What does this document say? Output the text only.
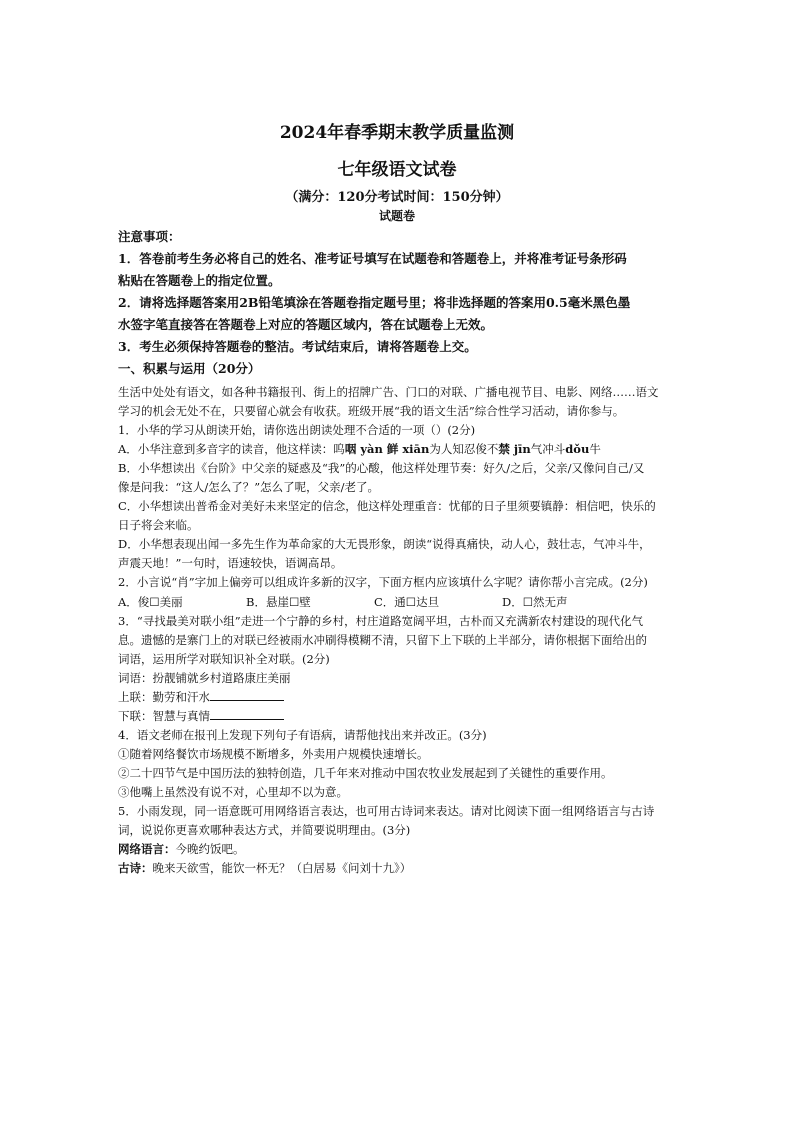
2024年春季期末教学质量监测
七年级语文试卷
（满分：120分考试时间：150分钟）
试题卷
注意事项：
1．答卷前考生务必将自己的姓名、准考证号填写在试题卷和答题卷上，并将准考证号条形码
粘贴在答题卷上的指定位置。
2．请将选择题答案用2B铅笔填涂在答题卷指定题号里；将非选择题的答案用0.5毫米黑色墨
水签字笔直接答在答题卷上对应的答题区域内，答在试题卷上无效。
3．考生必须保持答题卷的整洁。考试结束后，请将答题卷上交。
一、积累与运用（20分）
生活中处处有语文，如各种书籍报刊、街上的招牌广告、门口的对联、广播电视节目、电影、网络……语文
学习的机会无处不在，只要留心就会有收获。班级开展“我的语文生活”综合性学习活动，请你参与。
1．小华的学习从朗读开始，请你选出朗读处理不合适的一项（）(2分)
A．小华注意到多音字的读音，他这样读：呜咽 yàn 鲜 xiān为人知忍俊不禁 jīn气冲斗dǒu牛
B．小华想读出《台阶》中父亲的疑惑及“我”的心酸，他这样处理节奏：好久/之后，父亲/又像问自己/又
像是问我：“这人/怎么了？”怎么了呢，父亲/老了。
C．小华想读出普希金对美好未来坚定的信念，他这样处理重音：忧郁的日子里须要镇静：相信吧，快乐的
日子将会来临。
D．小华想表现出闻一多先生作为革命家的大无畏形象，朗读“说得真痛快，动人心，鼓壮志，气冲斗牛，
声震天地！”一句时，语速较快，语调高昂。
2．小言说“肖”字加上偏旁可以组成许多新的汉字，下面方框内应该填什么字呢？请你帮小言完成。(2分)
A．俊☐美丽	B．悬崖☐壁	C．通☐达旦	D．☐然无声
3．“寻找最美对联小组”走进一个宁静的乡村，村庄道路宽阔平坦，古朴而又充满新农村建设的现代化气
息。遗憾的是寨门上的对联已经被雨水冲刷得模糊不清，只留下上下联的上半部分，请你根据下面给出的
词语，运用所学对联知识补全对联。(2分)
词语：扮靓铺就乡村道路康庄美丽
上联：勤劳和汗水
下联：智慧与真情
4．语文老师在报刊上发现下列句子有语病，请帮他找出来并改正。(3分)
①随着网络餐饮市场规模不断增多，外卖用户规模快速增长。
②二十四节气是中国历法的独特创造，几千年来对推动中国农牧业发展起到了关键性的重要作用。
③他嘴上虽然没有说不对，心里却不以为意。
5．小雨发现，同一语意既可用网络语言表达，也可用古诗词来表达。请对比阅读下面一组网络语言与古诗
词，说说你更喜欢哪种表达方式，并简要说明理由。(3分)
网络语言：今晚约饭吧。
古诗：晚来天欲雪，能饮一杯无？（白居易《问刘十九》）
